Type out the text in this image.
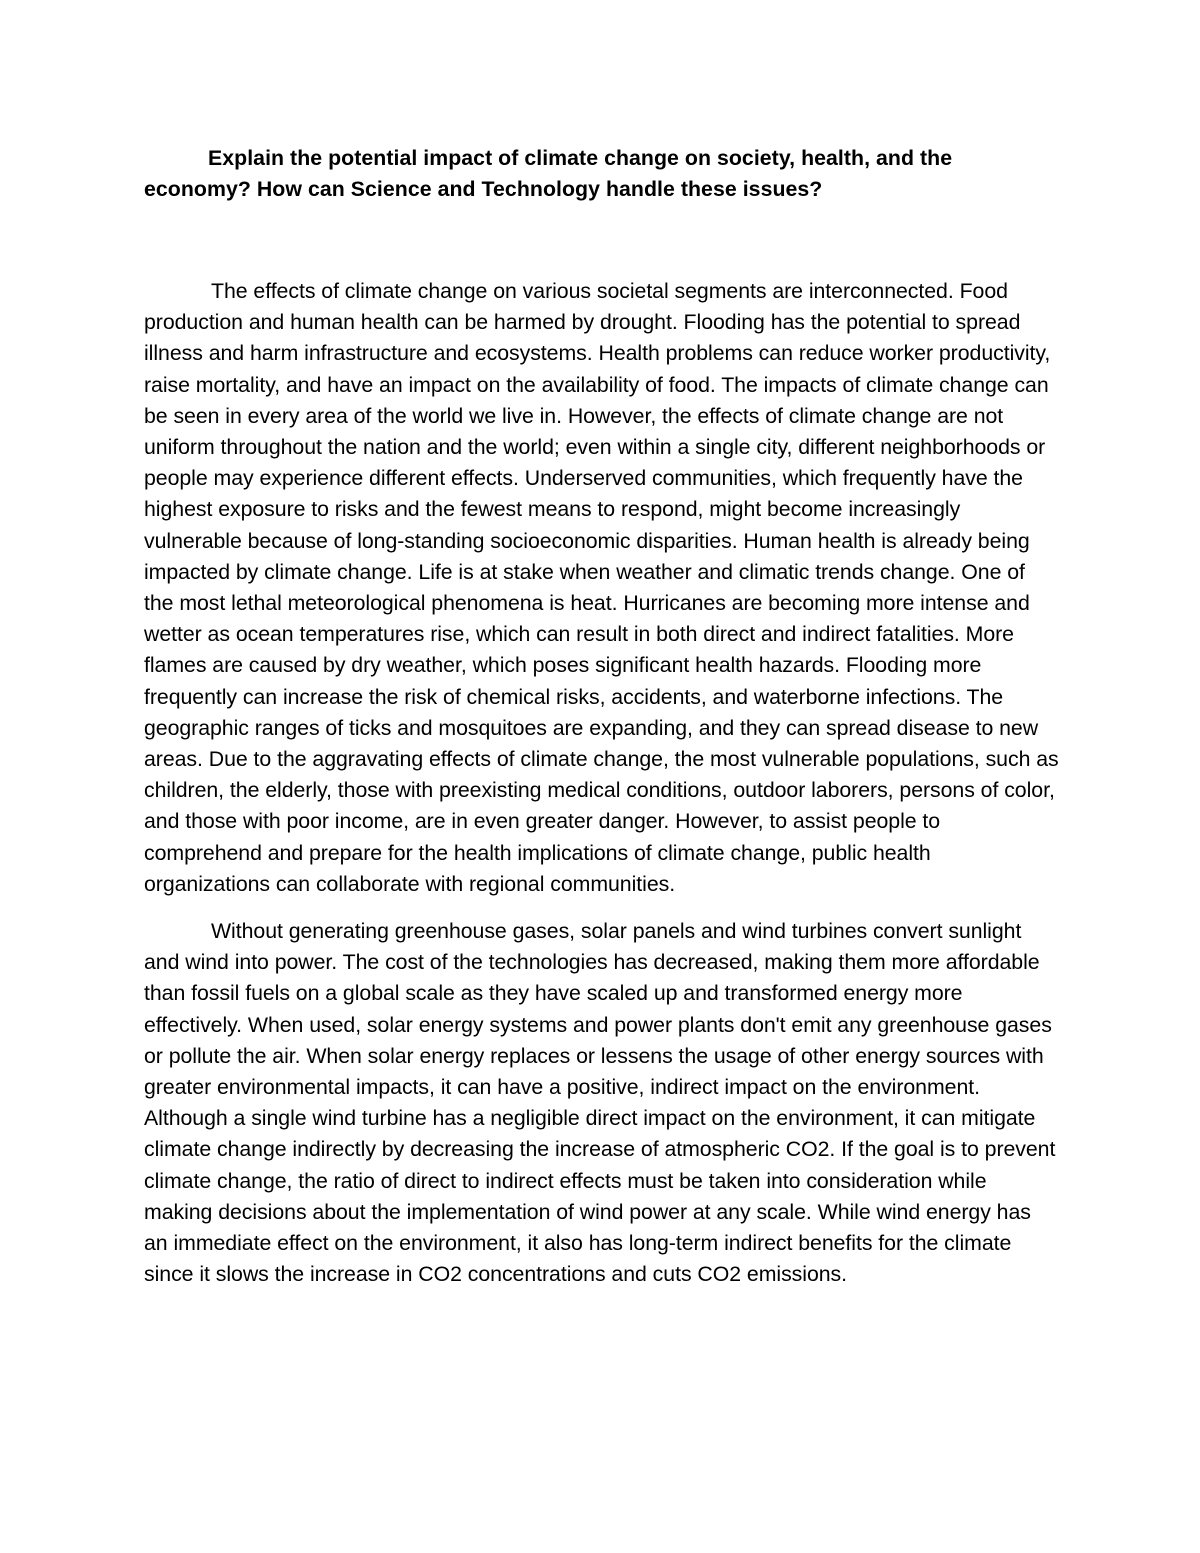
Explain the potential impact of climate change on society, health, and the economy? How can Science and Technology handle these issues?

The effects of climate change on various societal segments are interconnected. Food production and human health can be harmed by drought. Flooding has the potential to spread illness and harm infrastructure and ecosystems. Health problems can reduce worker productivity, raise mortality, and have an impact on the availability of food. The impacts of climate change can be seen in every area of the world we live in. However, the effects of climate change are not uniform throughout the nation and the world; even within a single city, different neighborhoods or people may experience different effects. Underserved communities, which frequently have the highest exposure to risks and the fewest means to respond, might become increasingly vulnerable because of long-standing socioeconomic disparities. Human health is already being impacted by climate change. Life is at stake when weather and climatic trends change. One of the most lethal meteorological phenomena is heat. Hurricanes are becoming more intense and wetter as ocean temperatures rise, which can result in both direct and indirect fatalities. More flames are caused by dry weather, which poses significant health hazards. Flooding more frequently can increase the risk of chemical risks, accidents, and waterborne infections. The geographic ranges of ticks and mosquitoes are expanding, and they can spread disease to new areas. Due to the aggravating effects of climate change, the most vulnerable populations, such as children, the elderly, those with preexisting medical conditions, outdoor laborers, persons of color, and those with poor income, are in even greater danger. However, to assist people to comprehend and prepare for the health implications of climate change, public health organizations can collaborate with regional communities.

Without generating greenhouse gases, solar panels and wind turbines convert sunlight and wind into power. The cost of the technologies has decreased, making them more affordable than fossil fuels on a global scale as they have scaled up and transformed energy more effectively. When used, solar energy systems and power plants don't emit any greenhouse gases or pollute the air. When solar energy replaces or lessens the usage of other energy sources with greater environmental impacts, it can have a positive, indirect impact on the environment. Although a single wind turbine has a negligible direct impact on the environment, it can mitigate climate change indirectly by decreasing the increase of atmospheric CO2. If the goal is to prevent climate change, the ratio of direct to indirect effects must be taken into consideration while making decisions about the implementation of wind power at any scale. While wind energy has an immediate effect on the environment, it also has long-term indirect benefits for the climate since it slows the increase in CO2 concentrations and cuts CO2 emissions.
